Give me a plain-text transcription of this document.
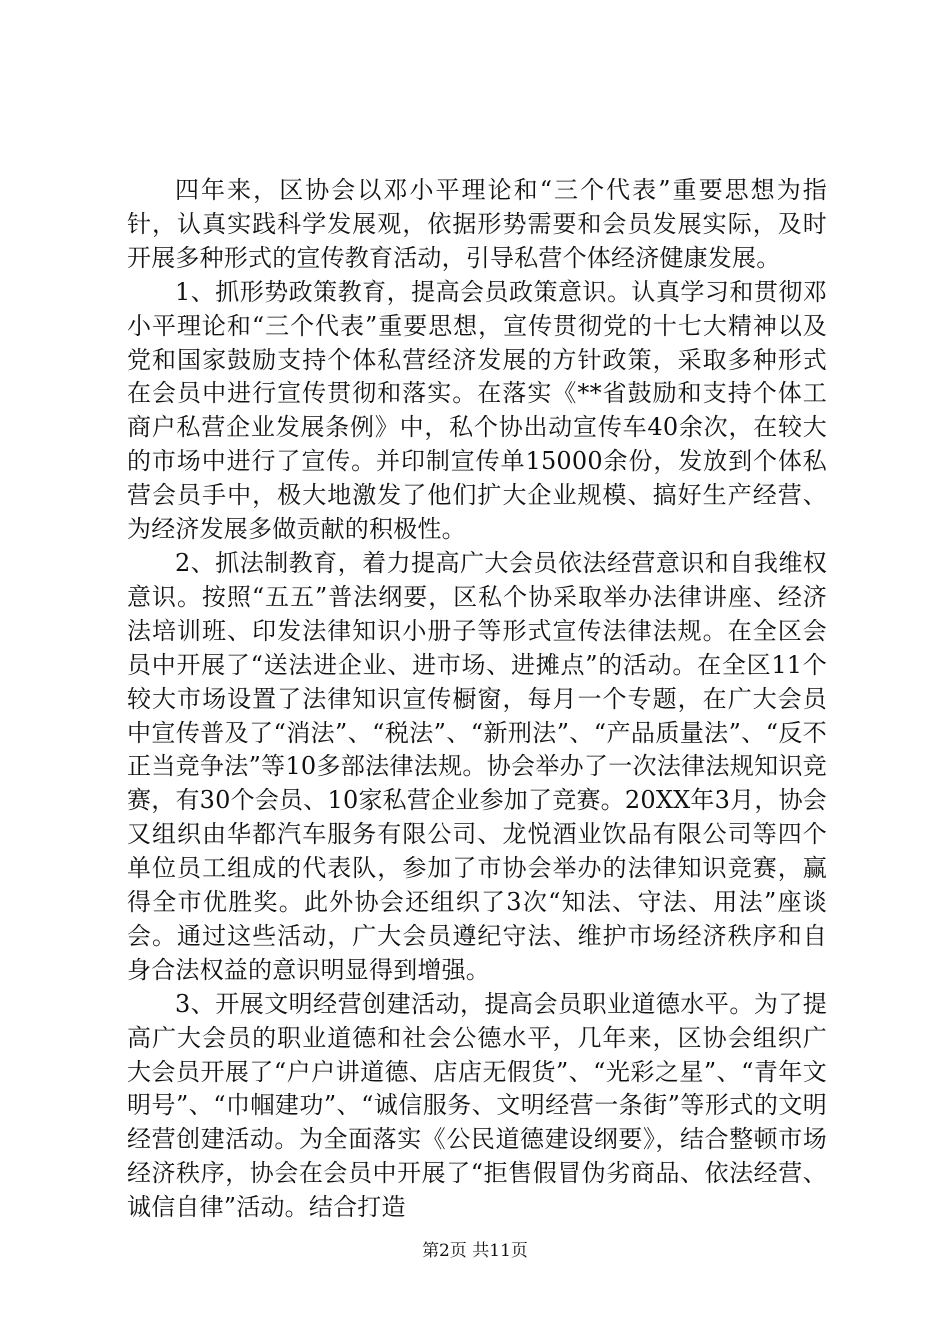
四年来，区协会以邓小平理论和“三个代表”重要思想为指针，认真实践科学发展观，依据形势需要和会员发展实际，及时开展多种形式的宣传教育活动，引导私营个体经济健康发展。

1、抓形势政策教育，提高会员政策意识。认真学习和贯彻邓小平理论和“三个代表”重要思想，宣传贯彻党的十七大精神以及党和国家鼓励支持个体私营经济发展的方针政策，采取多种形式在会员中进行宣传贯彻和落实。在落实《**省鼓励和支持个体工商户私营企业发展条例》中，私个协出动宣传车40余次，在较大的市场中进行了宣传。并印制宣传单15000余份，发放到个体私营会员手中，极大地激发了他们扩大企业规模、搞好生产经营、为经济发展多做贡献的积极性。

2、抓法制教育，着力提高广大会员依法经营意识和自我维权意识。按照“五五”普法纲要，区私个协采取举办法律讲座、经济法培训班、印发法律知识小册子等形式宣传法律法规。在全区会员中开展了“送法进企业、进市场、进摊点”的活动。在全区11个较大市场设置了法律知识宣传橱窗，每月一个专题，在广大会员中宣传普及了“消法”、“税法”、“新刑法”、“产品质量法”、“反不正当竞争法”等10多部法律法规。协会举办了一次法律法规知识竞赛，有30个会员、10家私营企业参加了竞赛。20XX年3月，协会又组织由华都汽车服务有限公司、龙悦酒业饮品有限公司等四个单位员工组成的代表队，参加了市协会举办的法律知识竞赛，赢得全市优胜奖。此外协会还组织了3次“知法、守法、用法”座谈会。通过这些活动，广大会员遵纪守法、维护市场经济秩序和自身合法权益的意识明显得到增强。

3、开展文明经营创建活动，提高会员职业道德水平。为了提高广大会员的职业道德和社会公德水平，几年来，区协会组织广大会员开展了“户户讲道德、店店无假货”、“光彩之星”、“青年文明号”、“巾帼建功”、“诚信服务、文明经营一条街”等形式的文明经营创建活动。为全面落实《公民道德建设纲要》，结合整顿市场经济秩序，协会在会员中开展了“拒售假冒伪劣商品、依法经营、诚信自律”活动。结合打造

第2页 共11页
